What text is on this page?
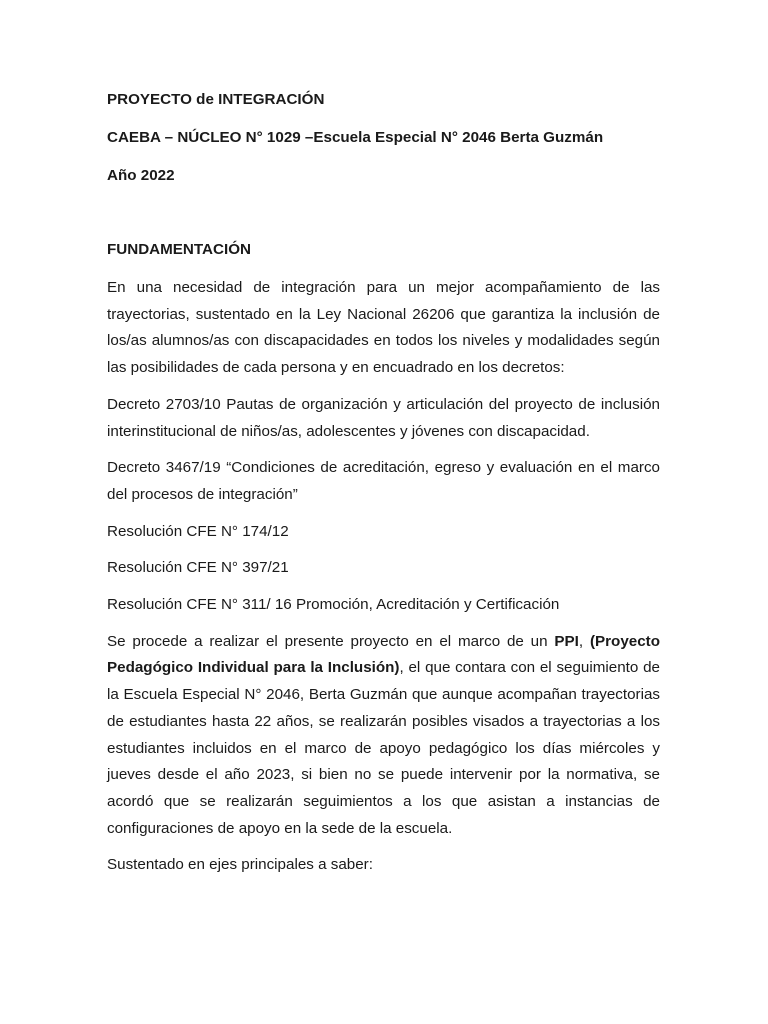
PROYECTO de INTEGRACIÓN

CAEBA – NÚCLEO N° 1029 –Escuela Especial N° 2046 Berta Guzmán

Año 2022

FUNDAMENTACIÓN

En una necesidad de integración para un mejor acompañamiento de las trayectorias, sustentado en la Ley Nacional 26206 que garantiza la inclusión de los/as alumnos/as con discapacidades en todos los niveles y modalidades según las posibilidades de cada persona y en encuadrado en los decretos:

Decreto 2703/10 Pautas de organización y articulación del proyecto de inclusión interinstitucional de niños/as, adolescentes y jóvenes con discapacidad.

Decreto 3467/19 “Condiciones de acreditación, egreso y evaluación en el marco del procesos de integración”

Resolución CFE N° 174/12

Resolución CFE N° 397/21

Resolución CFE N° 311/ 16 Promoción, Acreditación y Certificación

Se procede a realizar el presente proyecto en el marco de un PPI, (Proyecto Pedagógico Individual para la Inclusión), el que contara con el seguimiento de la Escuela Especial N° 2046, Berta Guzmán que aunque acompañan trayectorias de estudiantes hasta 22 años, se realizarán posibles visados a trayectorias a los estudiantes incluidos en el marco de apoyo pedagógico los días miércoles y jueves desde el año 2023, si bien no se puede intervenir por la normativa, se acordó que se realizarán seguimientos a los que asistan a instancias de configuraciones de apoyo en la sede de la escuela.

Sustentado en ejes principales a saber:
